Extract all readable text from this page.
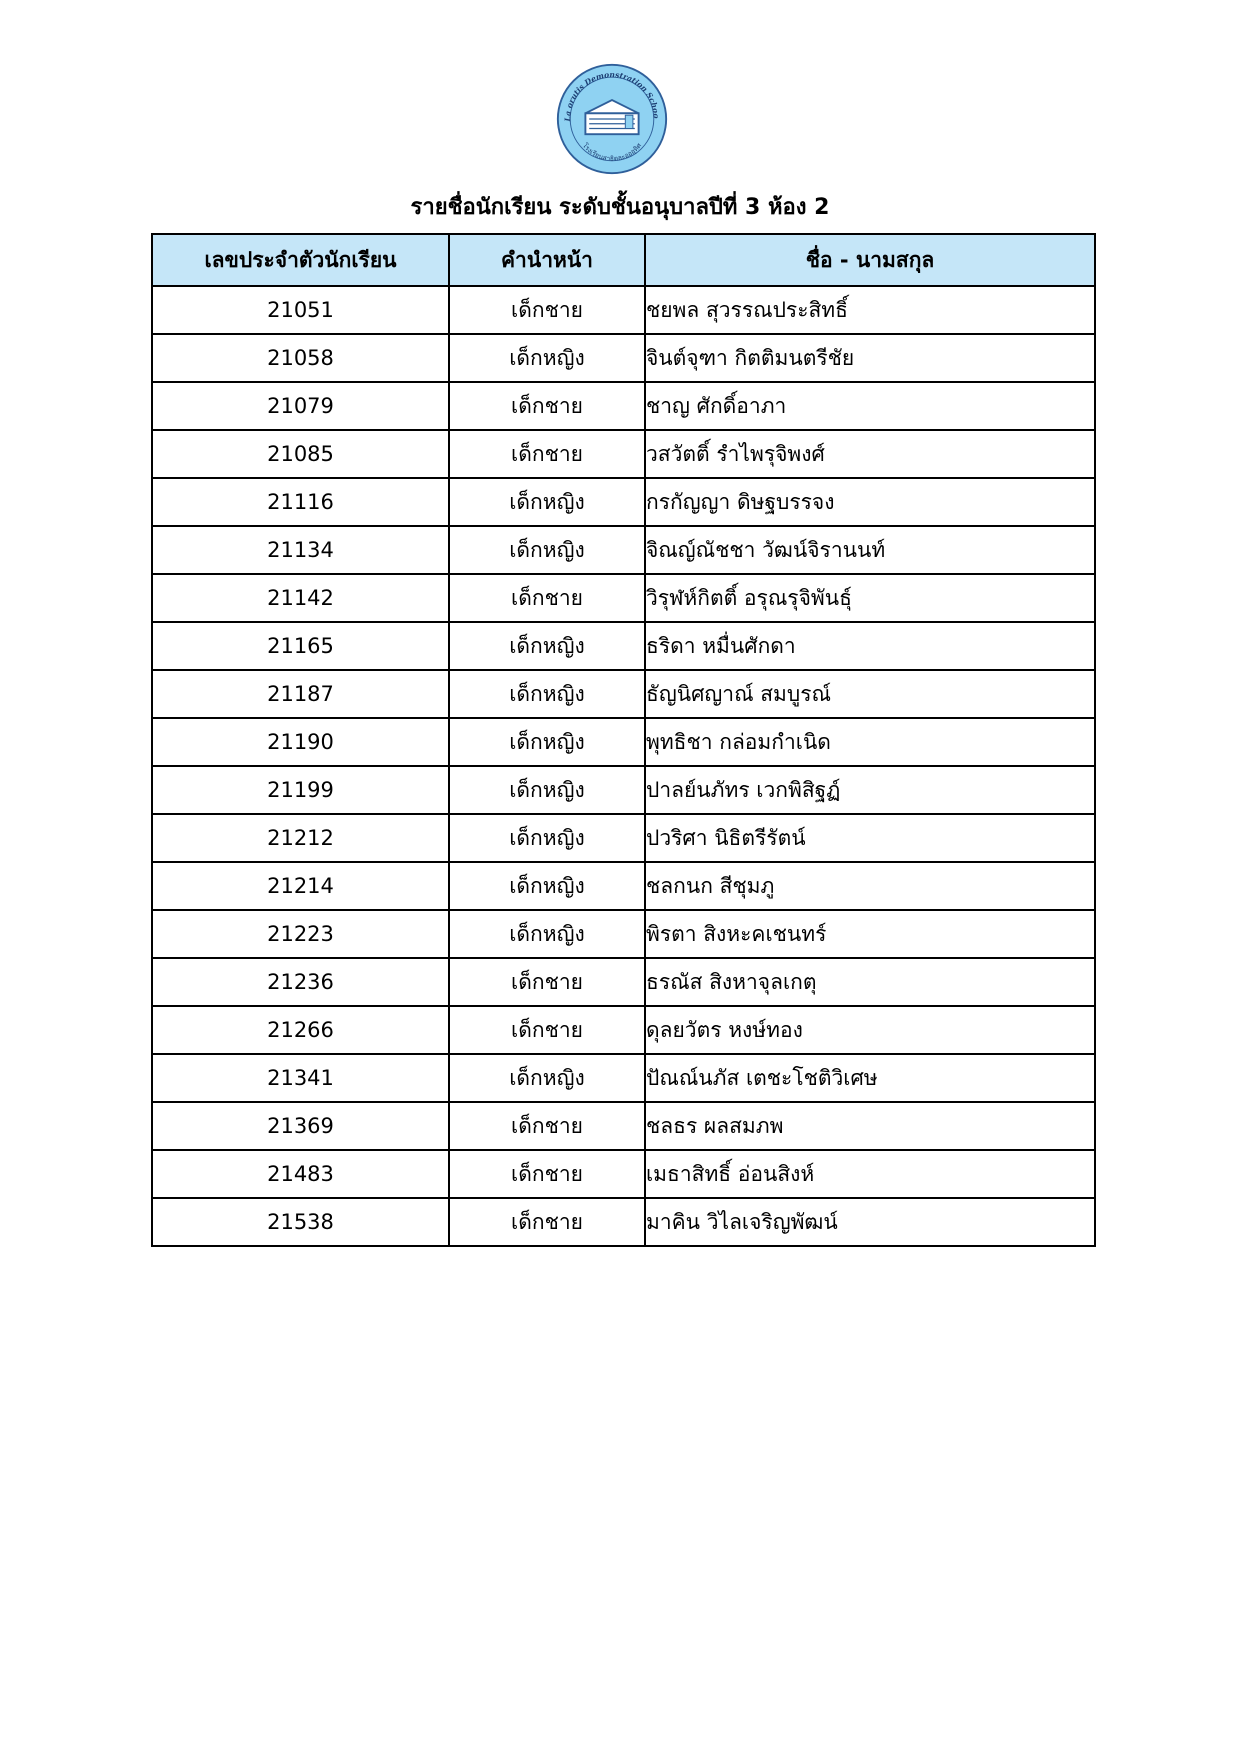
La orutis Demonstration Schoo
โรงเรียนสาธิตละอออุทิศ
รายชื่อนักเรียน ระดับชั้นอนุบาลปีที่ 3 ห้อง 2
เลขประจำตัวนักเรียน	คำนำหน้า	ชื่อ - นามสกุล
21051	เด็กชาย	ชยพล สุวรรณประสิทธิ์
21058	เด็กหญิง	จินต์จุฑา กิตติมนตรีชัย
21079	เด็กชาย	ชาญ ศักดิ์อาภา
21085	เด็กชาย	วสวัตติ์ รำไพรุจิพงศ์
21116	เด็กหญิง	กรกัญญา ดิษฐบรรจง
21134	เด็กหญิง	จิณญ์ณัชชา วัฒน์จิรานนท์
21142	เด็กชาย	วิรุฬห์กิตติ์ อรุณรุจิพันธุ์
21165	เด็กหญิง	ธริดา หมื่นศักดา
21187	เด็กหญิง	ธัญนิศญาณ์ สมบูรณ์
21190	เด็กหญิง	พุทธิชา กล่อมกำเนิด
21199	เด็กหญิง	ปาลย์นภัทร เวกพิสิฐฏ์
21212	เด็กหญิง	ปวริศา นิธิตรีรัตน์
21214	เด็กหญิง	ชลกนก สีชุมภู
21223	เด็กหญิง	พิรตา สิงหะคเชนทร์
21236	เด็กชาย	ธรณัส สิงหาจุลเกตุ
21266	เด็กชาย	ดุลยวัตร หงษ์ทอง
21341	เด็กหญิง	ปัณณ์นภัส เตชะโชติวิเศษ
21369	เด็กชาย	ชลธร ผลสมภพ
21483	เด็กชาย	เมธาสิทธิ์ อ่อนสิงห์
21538	เด็กชาย	มาคิน วิไลเจริญพัฒน์
